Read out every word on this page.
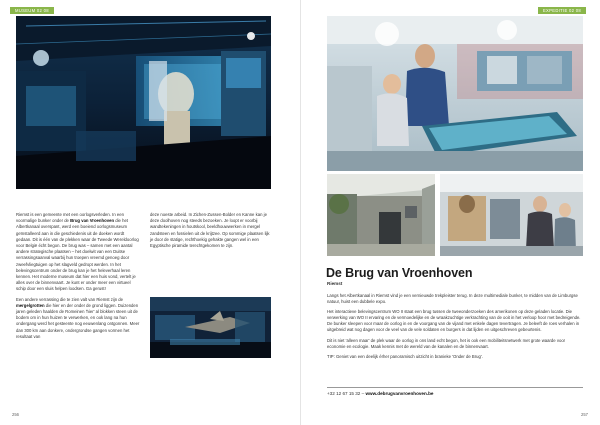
MUSEUM 02 08

Riemst is een gemeente met een oorlogsverleden. In een voormalige bunker onder de Brug van Vroenhoven die het Albertkanaal overspant, werd een boeiend oorlogsmuseum geïnstalleerd aan in die geschiedenis uit de doeken wordt gedaan. Dit is één van de plekken waar de Tweede Wereldoorlog voor België écht begon. De brug was – samen met een aantal andere strategische plaatsen – het doelwit van een Duitse verrassingsaanval waarbij hun troepen vreemd genoeg door zweefvliegtuigen op het slagveld gedropt werden. In het belevingscentrum onder de brug kan je het heleverhaal leren kennen. Het moderne museum dat hier een huis vond, vertelt je alles over de binnenvaart. Je kunt er onder meer een virtueel schip door een sluis helpen loodsen. Ga gerust!

Een andere verrassing die te zien valt van Riemst zijn de mergelgrotten die hier en der onder de grond liggen. Duizenden jaren geleden haalden de Romeinen 'hier' al blokken steen uit de bodem om in hun huizen te verwerken, en ook lang na hun ondergang werd het gesteente nog eeuwenlang ontgonnen. Meer dan 300 km aan donkere, ondergrondse gangen vormen het resultaat van

deze noeste arbeid. In Zichen-Zussen-Bolder en Kanne kan je deze doolhoven nog steeds bezoeken. Je loopt er voorbij wandtekeningen in houtskool, beeldhouwwerken in mergel zandsteen en fossielen uit de krijtzee. Op sommige plaatsen lijk je door de statige, rechthoekig gehakte gangen wel in een Egyptische piramide terechtgekomen te zijn.

256
EXPEDITIE 02 08
257
De Brug van Vroenhoven
Riemst

Langs het Albertkanaal in Riemst vind je een vernieuwde trekpleister terug. In deze multimediale bunker, te midden van de Limburgse natuur, huist een dubbele expo.

Het interactieve belevingscentrum WO II staat een brug tussen de tweeonderzoeken des amerikonen op deze geladen locatie. Die verwerking van WO II ervaring en de vermoedelijke en de wraakzuchtige verkrachting van de ooit in het verloop hoor met bedreigende. De bunker sleepen voor maar de oorlog in en de voorgang van de vijand met enkele dagen tevertragen. Je beleeft de roes verhalen in uitgebreid wat nog dagen voor de veel van de vele soldaten en burgers in dat lijden en uitgeschreven gebeurtenis.

Dit is niet 'alleen maar' de plek waar de oorlog in ons land echt begon, het is ook een mobiliteitsnetwerk met grote waarde voor economie en ecologie. Maak kennis met de wereld van de kanalen en de binnenvaart.

TIP: Geniet van een deelijk érher panoramisch uitzicht in branieke 'Onder de Brug'.

+32 12 67 15 32 – www.debrugvanvroenhoven.be
